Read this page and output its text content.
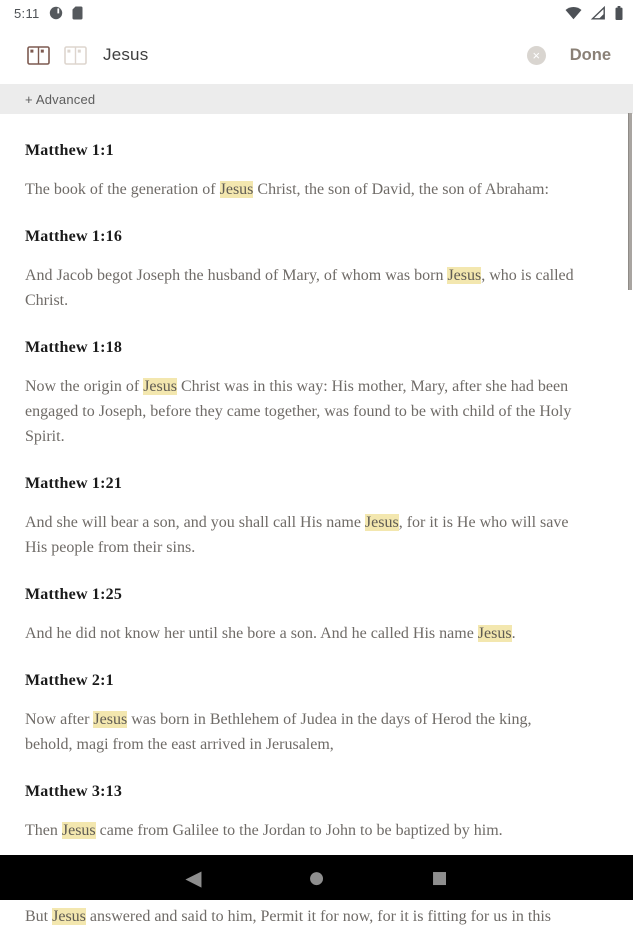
5:11
Jesus	×	Done
+ Advanced
Matthew 1:1
The book of the generation of Jesus Christ, the son of David, the son of Abraham:
Matthew 1:16
And Jacob begot Joseph the husband of Mary, of whom was born Jesus, who is called Christ.
Matthew 1:18
Now the origin of Jesus Christ was in this way: His mother, Mary, after she had been engaged to Joseph, before they came together, was found to be with child of the Holy Spirit.
Matthew 1:21
And she will bear a son, and you shall call His name Jesus, for it is He who will save His people from their sins.
Matthew 1:25
And he did not know her until she bore a son. And he called His name Jesus.
Matthew 2:1
Now after Jesus was born in Bethlehem of Judea in the days of Herod the king, behold, magi from the east arrived in Jerusalem,
Matthew 3:13
Then Jesus came from Galilee to the Jordan to John to be baptized by him.
But Jesus answered and said to him, Permit it for now, for it is fitting for us in this
◀	●	■
